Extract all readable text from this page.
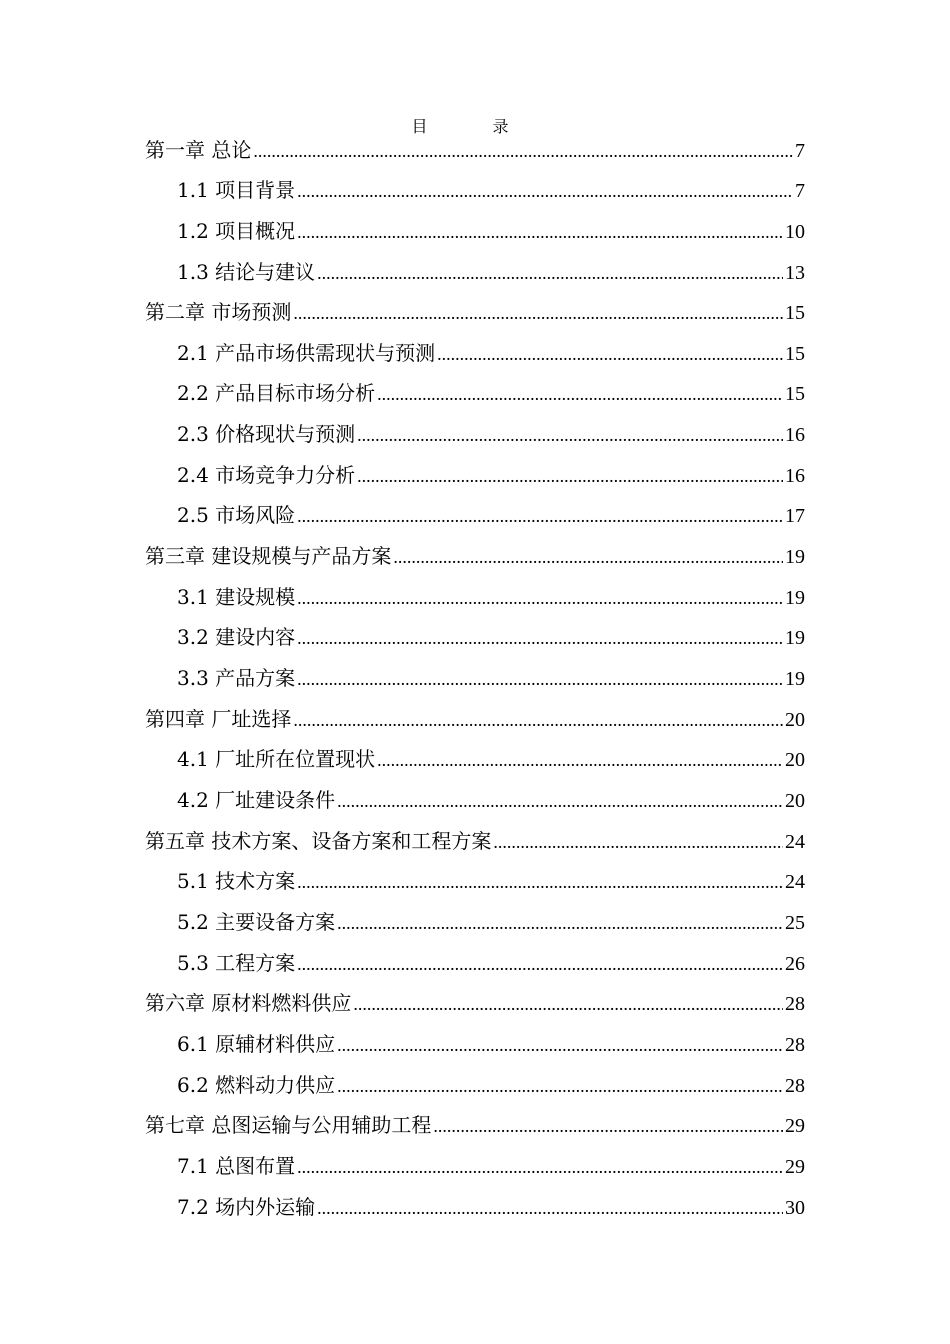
目 录
第一章 总论 .....	7
1.1 项目背景 .....	7
1.2 项目概况 .....	10
1.3 结论与建议 .....	13
第二章 市场预测 .....	15
2.1 产品市场供需现状与预测 .....	15
2.2 产品目标市场分析 .....	15
2.3 价格现状与预测 .....	16
2.4 市场竞争力分析 .....	16
2.5 市场风险 .....	17
第三章 建设规模与产品方案 .....	19
3.1 建设规模 .....	19
3.2 建设内容 .....	19
3.3 产品方案 .....	19
第四章 厂址选择 .....	20
4.1 厂址所在位置现状 .....	20
4.2 厂址建设条件 .....	20
第五章 技术方案、设备方案和工程方案 .....	24
5.1 技术方案 .....	24
5.2 主要设备方案 .....	25
5.3 工程方案 .....	26
第六章 原材料燃料供应 .....	28
6.1 原辅材料供应 .....	28
6.2 燃料动力供应 .....	28
第七章 总图运输与公用辅助工程 .....	29
7.1 总图布置 .....	29
7.2 场内外运输 .....	30
